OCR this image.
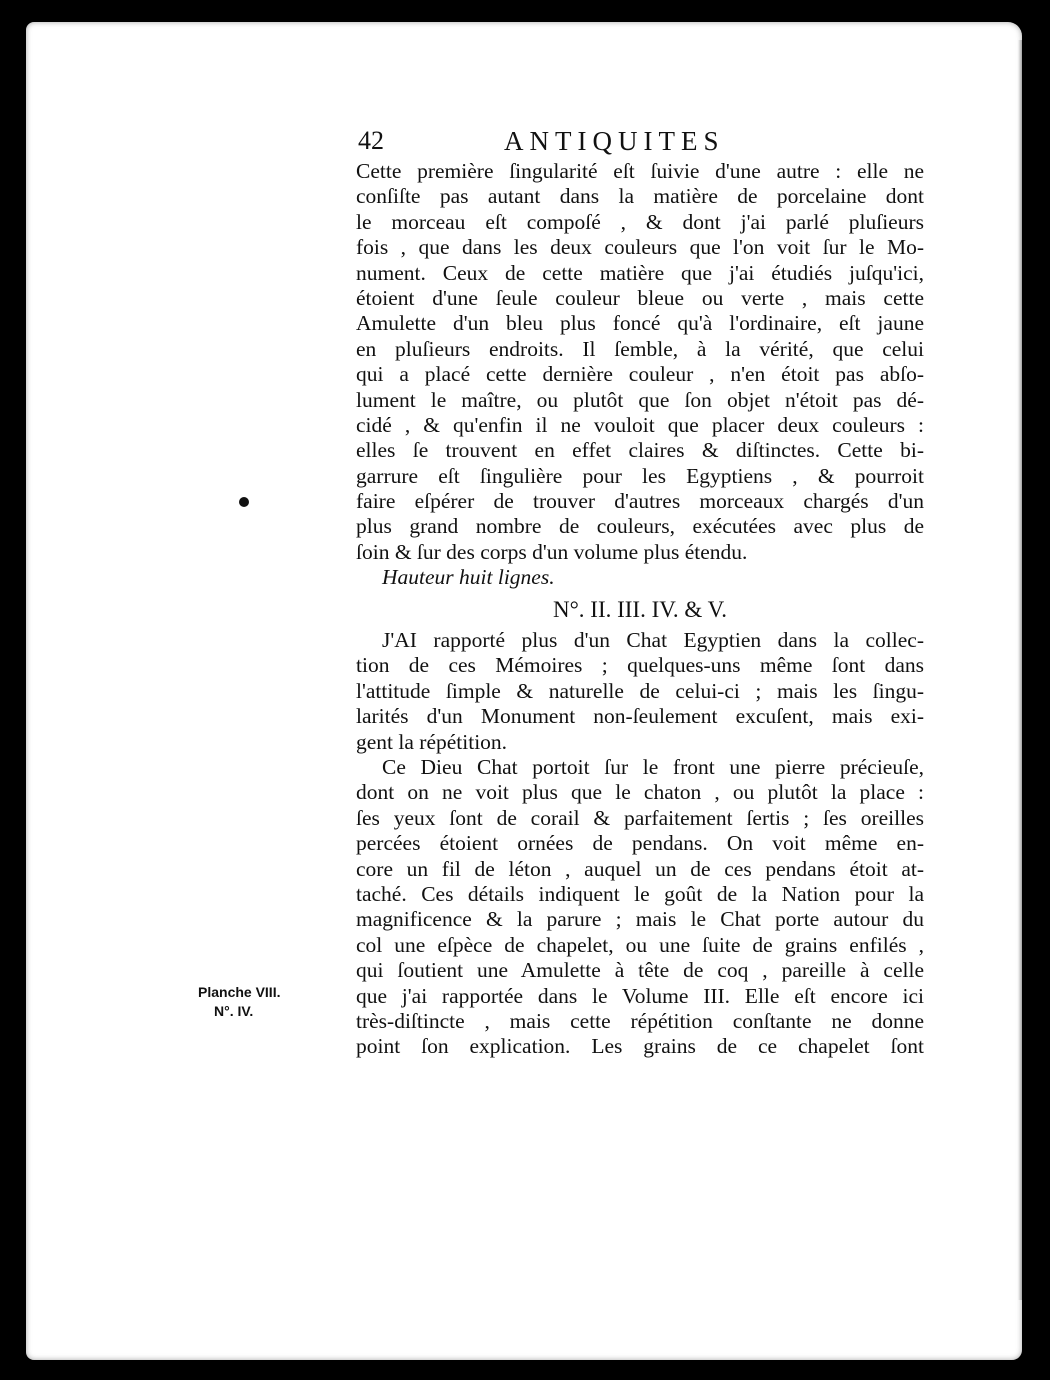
42	ANTIQUITES
Cette première ſingularité eſt ſuivie d'une autre : elle ne
conſiſte pas autant dans la matière de porcelaine dont
le morceau eſt compoſé , & dont j'ai parlé pluſieurs
fois , que dans les deux couleurs que l'on voit ſur le Mo-
nument. Ceux de cette matière que j'ai étudiés juſqu'ici,
étoient d'une ſeule couleur bleue ou verte , mais cette
Amulette d'un bleu plus foncé qu'à l'ordinaire, eſt jaune
en pluſieurs endroits. Il ſemble, à la vérité, que celui
qui a placé cette dernière couleur , n'en étoit pas abſo-
lument le maître, ou plutôt que ſon objet n'étoit pas dé-
cidé , & qu'enfin il ne vouloit que placer deux couleurs :
elles ſe trouvent en effet claires & diſtinctes. Cette bi-
garrure eſt ſingulière pour les Egyptiens , & pourroit
faire eſpérer de trouver d'autres morceaux chargés d'un
plus grand nombre de couleurs, exécutées avec plus de
ſoin & ſur des corps d'un volume plus étendu.
Hauteur huit lignes.
N°. II. III. IV. & V.
J'AI rapporté plus d'un Chat Egyptien dans la collec-
tion de ces Mémoires ; quelques-uns même ſont dans
l'attitude ſimple & naturelle de celui-ci ; mais les ſingu-
larités d'un Monument non-ſeulement excuſent, mais exi-
gent la répétition.
Ce Dieu Chat portoit ſur le front une pierre précieuſe,
dont on ne voit plus que le chaton , ou plutôt la place :
ſes yeux ſont de corail & parfaitement ſertis ; ſes oreilles
percées étoient ornées de pendans. On voit même en-
core un fil de léton , auquel un de ces pendans étoit at-
taché. Ces détails indiquent le goût de la Nation pour la
magnificence & la parure ; mais le Chat porte autour du
col une eſpèce de chapelet, ou une ſuite de grains enfilés ,
qui ſoutient une Amulette à tête de coq , pareille à celle
que j'ai rapportée dans le Volume III. Elle eſt encore ici
très-diſtincte , mais cette répétition conſtante ne donne
point ſon explication. Les grains de ce chapelet ſont
Planche VIII.
N°. IV.
